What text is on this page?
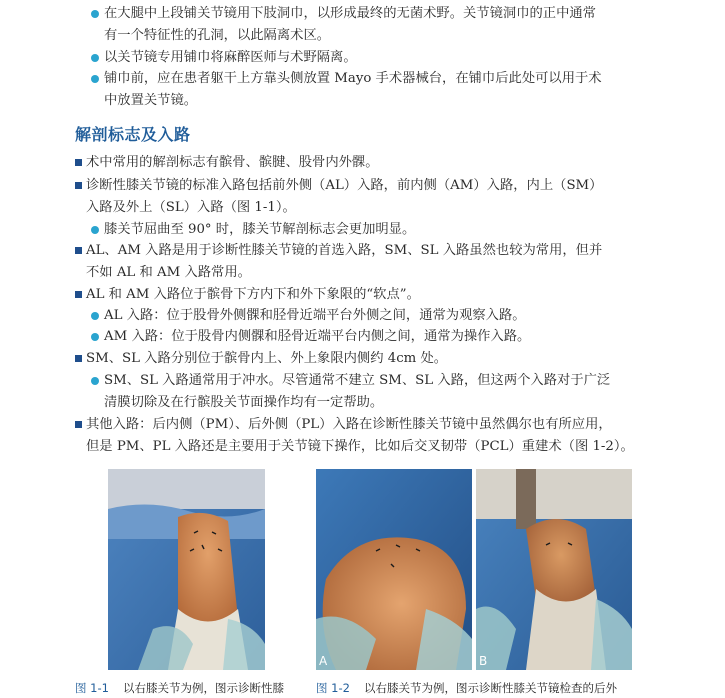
在大腿中上段铺关节镜用下肢洞巾，以形成最终的无菌术野。关节镜洞巾的正中通常
有一个特征性的孔洞，以此隔离术区。
以关节镜专用铺巾将麻醉医师与术野隔离。
铺巾前，应在患者躯干上方靠头侧放置 Mayo 手术器械台，在铺巾后此处可以用于术
中放置关节镜。
解剖标志及入路
术中常用的解剖标志有髌骨、髌腱、股骨内外髁。
诊断性膝关节镜的标准入路包括前外侧（AL）入路，前内侧（AM）入路，内上（SM）
入路及外上（SL）入路（图 1-1）。
膝关节屈曲至 90° 时，膝关节解剖标志会更加明显。
AL、AM 入路是用于诊断性膝关节镜的首选入路，SM、SL 入路虽然也较为常用，但并
不如 AL 和 AM 入路常用。
AL 和 AM 入路位于髌骨下方内下和外下象限的“软点”。
AL 入路：位于股骨外侧髁和胫骨近端平台外侧之间，通常为观察入路。
AM 入路：位于股骨内侧髁和胫骨近端平台内侧之间，通常为操作入路。
SM、SL 入路分别位于髌骨内上、外上象限内侧约 4cm 处。
SM、SL 入路通常用于冲水。尽管通常不建立 SM、SL 入路，但这两个入路对于广泛
清膜切除及在行髌股关节面操作均有一定帮助。
其他入路：后内侧（PM）、后外侧（PL）入路在诊断性膝关节镜中虽然偶尔也有所应用，
但是 PM、PL 入路还是主要用于关节镜下操作，比如后交叉韧带（PCL）重建术（图 1-2）。
A	B
图 1-1 以右膝关节为例，图示诊断性膝	图 1-2 以右膝关节为例，图示诊断性膝关节镜检查的后外
